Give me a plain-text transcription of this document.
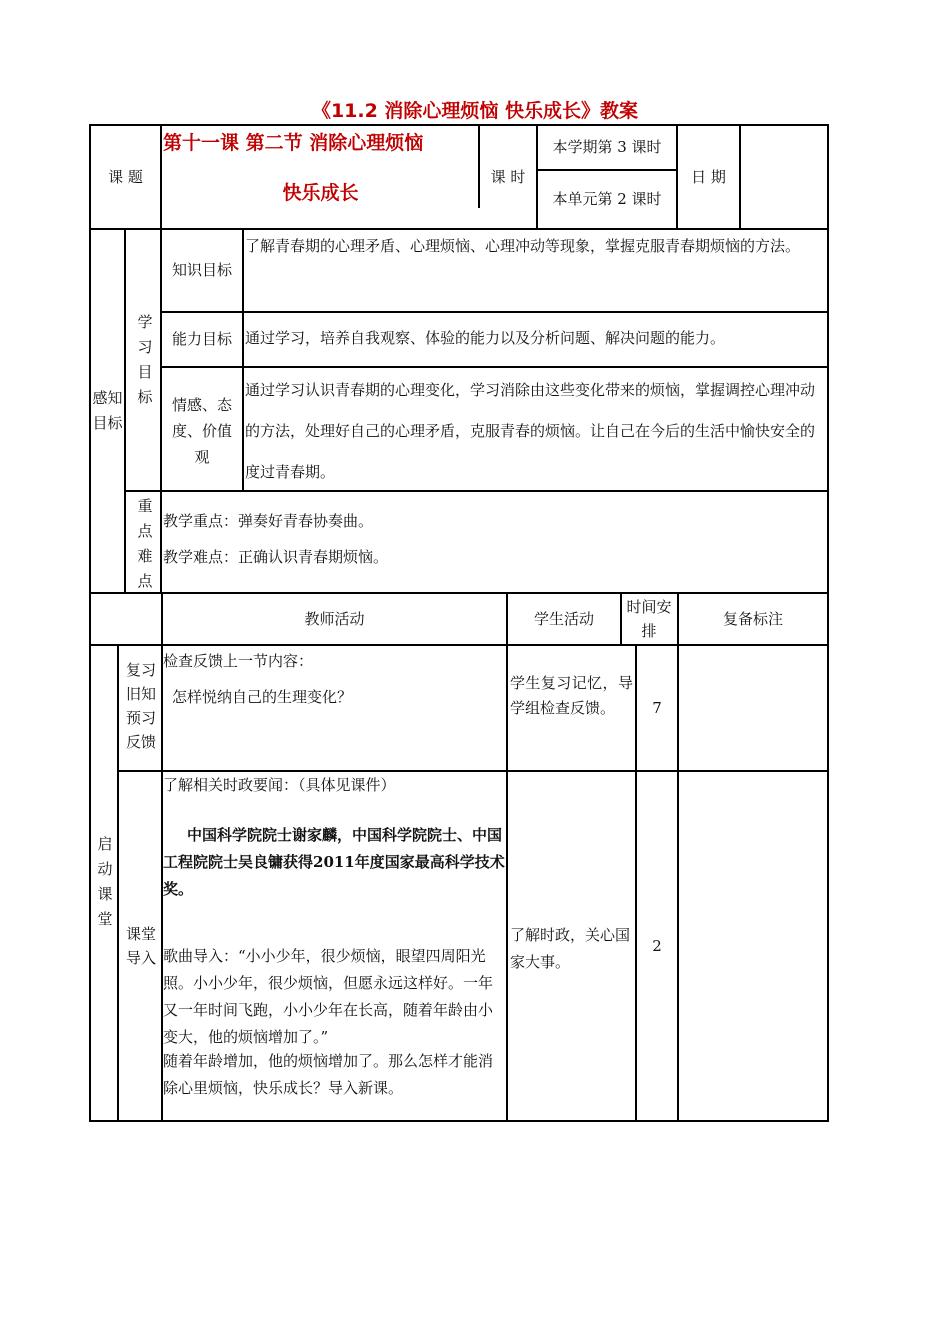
《11.2 消除心理烦恼 快乐成长》教案
课 题
第十一课 第二节 消除心理烦恼
快乐成长
课 时
本学期第 3 课时
本单元第 2 课时
日 期
感知目标
学习目标
知识目标
了解青春期的心理矛盾、心理烦恼、心理冲动等现象，掌握克服青春期烦恼的方法。
能力目标 通过学习，培养自我观察、体验的能力以及分析问题、解决问题的能力。
情感、态度、价值观
通过学习认识青春期的心理变化，学习消除由这些变化带来的烦恼，掌握调控心理冲动的方法，处理好自己的心理矛盾，克服青春的烦恼。让自己在今后的生活中愉快安全的度过青春期。
重点难点
教学重点：弹奏好青春协奏曲。
教学难点：正确认识青春期烦恼。
教师活动	学生活动
时间安排
复备标注
启动课堂
复习旧知预习反馈
检查反馈上一节内容：
怎样悦纳自己的生理变化？
学生复习记忆，导学组检查反馈。	7
课堂导入
了解相关时政要闻：（具体见课件）
中国科学院院士谢家麟，中国科学院院士、中国工程院院士吴良镛获得2011年度国家最高科学技术奖。
歌曲导入：“小小少年，很少烦恼，眼望四周阳光照。小小少年，很少烦恼，但愿永远这样好。一年又一年时间飞跑，小小少年在长高，随着年龄由小变大，他的烦恼增加了。”
随着年龄增加，他的烦恼增加了。那么怎样才能消除心里烦恼，快乐成长？导入新课。
了解时政，关心国家大事。
2
